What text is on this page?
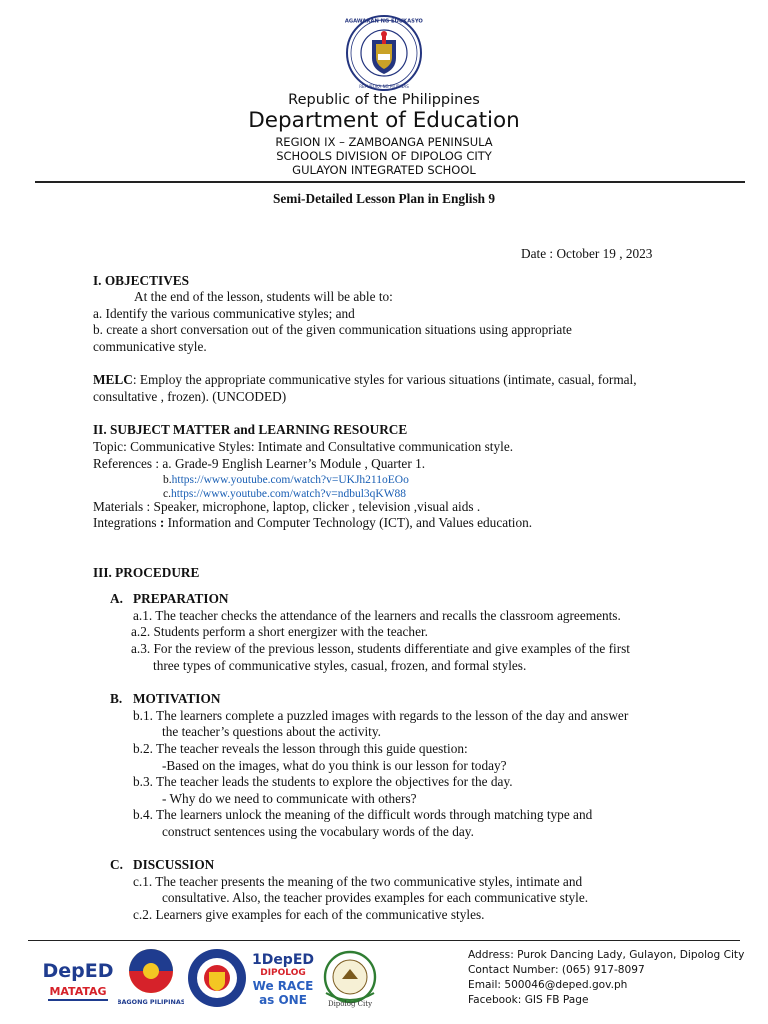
KAGAWARAN NG EDUKASYON
REPUBLIKA NG PILIPINAS
Republic of the Philippines
Department of Education
REGION IX – ZAMBOANGA PENINSULA
SCHOOLS DIVISION OF DIPOLOG CITY
GULAYON INTEGRATED SCHOOL
Semi-Detailed Lesson Plan in English 9
Date : October 19 , 2023
I. OBJECTIVES
At the end of the lesson, students will be able to:
a. Identify the various communicative styles; and
b. create a short conversation out of the given communication situations using appropriate
communicative style.
MELC: Employ the appropriate communicative styles for various situations (intimate, casual, formal,
consultative , frozen). (UNCODED)
II. SUBJECT MATTER and LEARNING RESOURCE
Topic: Communicative Styles: Intimate and Consultative communication style.
References : a. Grade-9 English Learner’s Module , Quarter 1.
b.https://www.youtube.com/watch?v=UKJh211oEOo
c.https://www.youtube.com/watch?v=ndbul3qKW88
Materials : Speaker, microphone, laptop, clicker , television ,visual aids .
Integrations : Information and Computer Technology (ICT), and Values education.
III. PROCEDURE
A. PREPARATION
a.1. The teacher checks the attendance of the learners and recalls the classroom agreements.
a.2. Students perform a short energizer with the teacher.
a.3. For the review of the previous lesson, students differentiate and give examples of the first
three types of communicative styles, casual, frozen, and formal styles.
B. MOTIVATION
b.1. The learners complete a puzzled images with regards to the lesson of the day and answer
the teacher’s questions about the activity.
b.2. The teacher reveals the lesson through this guide question:
-Based on the images, what do you think is our lesson for today?
b.3. The teacher leads the students to explore the objectives for the day.
- Why do we need to communicate with others?
b.4. The learners unlock the meaning of the difficult words through matching type and
construct sentences using the vocabulary words of the day.
C. DISCUSSION
c.1. The teacher presents the meaning of the two communicative styles, intimate and
consultative. Also, the teacher provides examples for each communicative style.
c.2. Learners give examples for each of the communicative styles.
DepED
MATATAG
BAGONG PILIPINAS
1DepED
DIPOLOG
We RACE
as ONE	Dipolog City
Address: Purok Dancing Lady, Gulayon, Dipolog City
Contact Number: (065) 917-8097
Email: 500046@deped.gov.ph
Facebook: GIS FB Page
